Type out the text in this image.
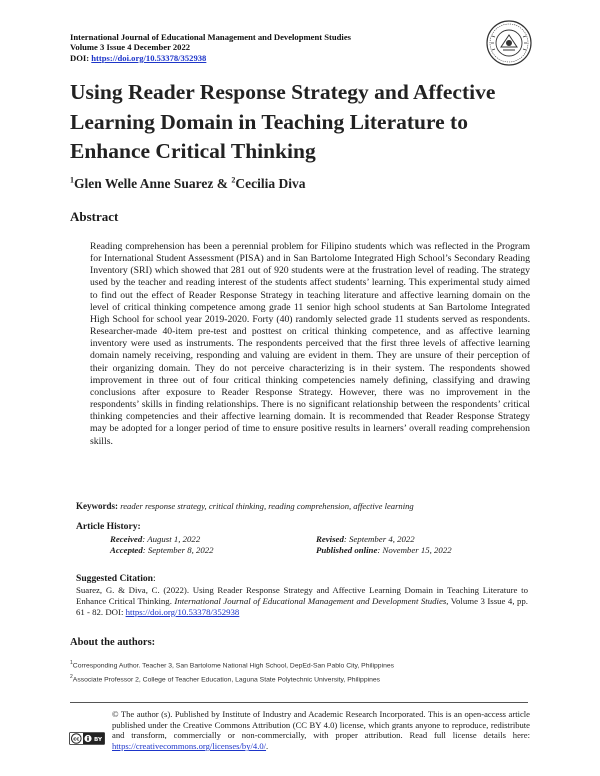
International Journal of Educational Management and Development Studies
Volume 3 Issue 4 December 2022
DOI: https://doi.org/10.53378/352938
Using Reader Response Strategy and Affective Learning Domain in Teaching Literature to Enhance Critical Thinking
$^1$Glen Welle Anne Suarez & $^2$Cecilia Diva
Abstract
Reading comprehension has been a perennial problem for Filipino students which was reflected in the Program for International Student Assessment (PISA) and in San Bartolome Integrated High School’s Secondary Reading Inventory (SRI) which showed that 281 out of 920 students were at the frustration level of reading. The strategy used by the teacher and reading interest of the students affect students’ learning. This experimental study aimed to find out the effect of Reader Response Strategy in teaching literature and affective learning domain on the level of critical thinking competence among grade 11 senior high school students at San Bartolome Integrated High School for school year 2019-2020. Forty (40) randomly selected grade 11 students served as respondents. Researcher-made 40-item pre-test and posttest on critical thinking competence, and as affective learning inventory were used as instruments. The respondents perceived that the first three levels of affective learning domain namely receiving, responding and valuing are evident in them. They are unsure of their perception of their organizing domain. They do not perceive characterizing is in their system. The respondents showed improvement in three out of four critical thinking competencies namely defining, classifying and drawing conclusions after exposure to Reader Response Strategy. However, there was no improvement in the respondents’ skills in finding relationships. There is no significant relationship between the respondents’ critical thinking competencies and their affective learning domain. It is recommended that Reader Response Strategy may be adopted for a longer period of time to ensure positive results in learners’ overall reading comprehension skills.
Keywords: reader response strategy, critical thinking, reading comprehension, affective learning
Article History:
Received: August 1, 2022
Accepted: September 8, 2022
Revised: September 4, 2022
Published online: November 15, 2022
Suggested Citation:
Suarez, G. & Diva, C. (2022). Using Reader Response Strategy and Affective Learning Domain in Teaching Literature to Enhance Critical Thinking. International Journal of Educational Management and Development Studies, Volume 3 Issue 4, pp. 61 - 82. DOI: https://doi.org/10.53378/352938
About the authors:
$^1$Corresponding Author. Teacher 3, San Bartolome National High School, DepEd-San Pablo City, Philippines
$^2$Associate Professor 2, College of Teacher Education, Laguna State Polytechnic University, Philippines
cc	BY
© The author (s). Published by Institute of Industry and Academic Research Incorporated. This is an open-access article published under the Creative Commons Attribution (CC BY 4.0) license, which grants anyone to reproduce, redistribute and transform, commercially or non-commercially, with proper attribution. Read full license details here: https://creativecommons.org/licenses/by/4.0/.
